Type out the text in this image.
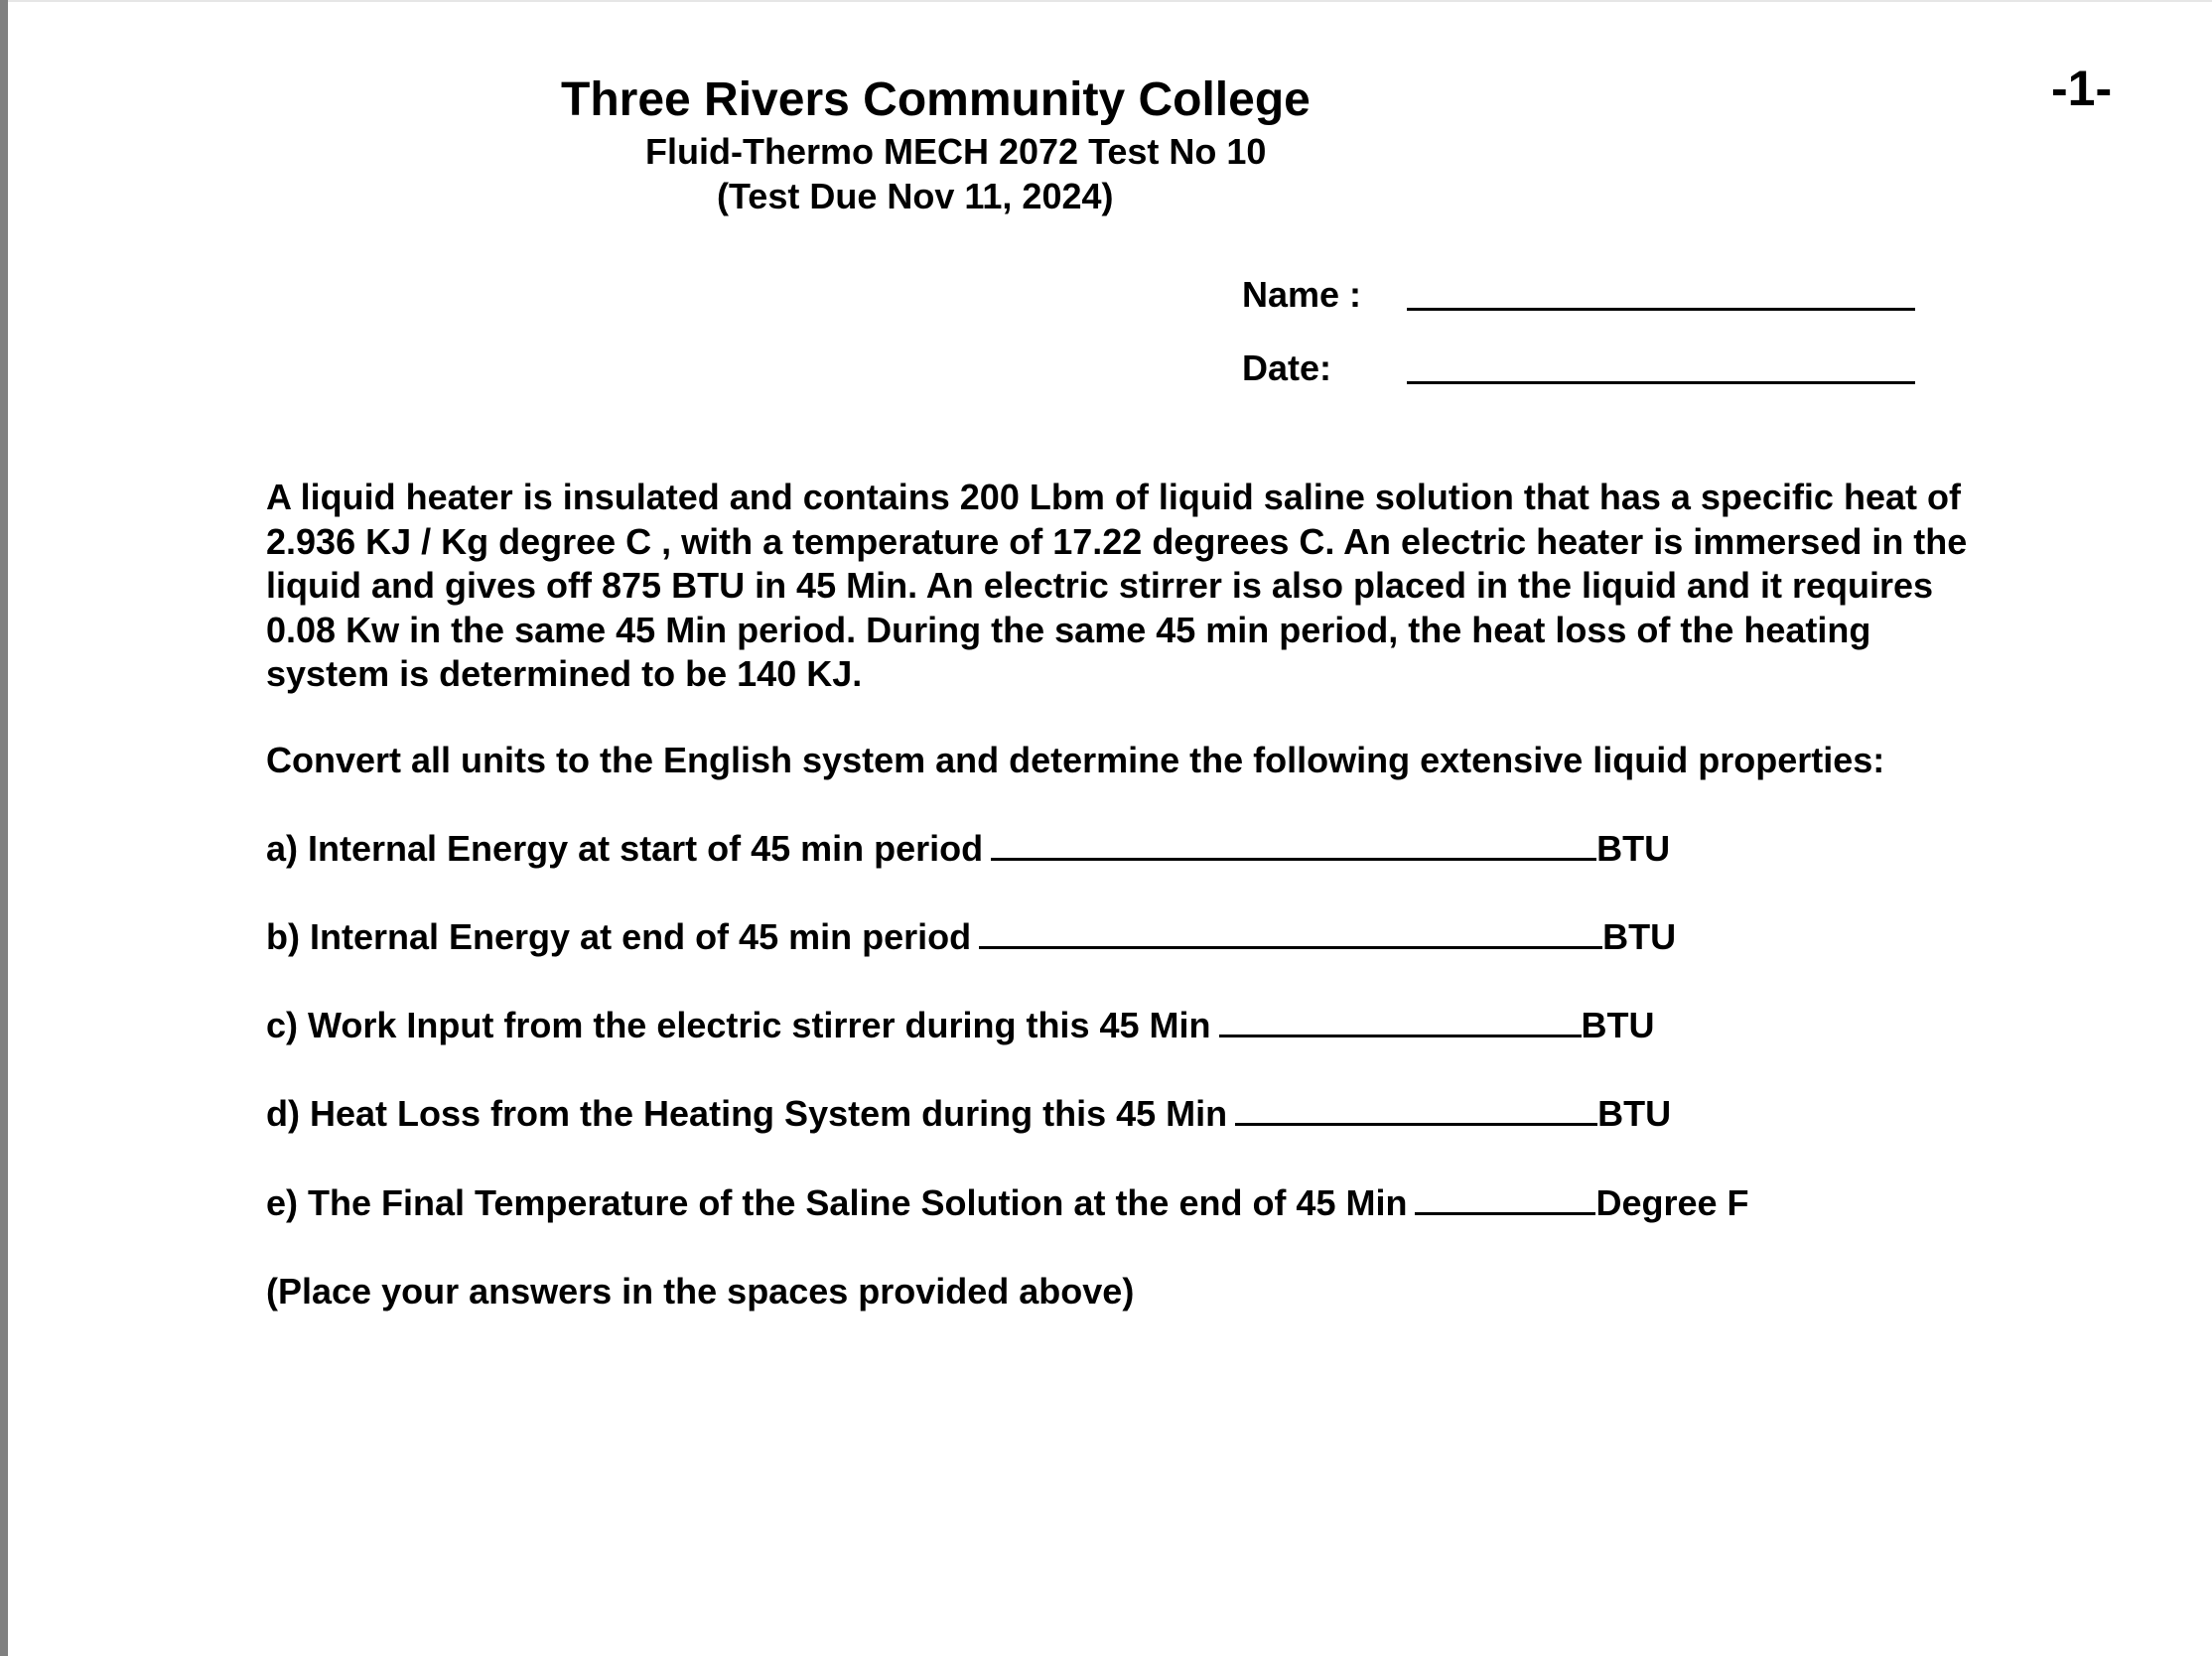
Three Rivers Community College
Fluid-Thermo MECH 2072 Test No 10
(Test Due Nov 11, 2024)
-1-
Name :
Date:
A liquid heater is insulated and contains 200 Lbm of liquid saline solution that has a specific heat of
2.936 KJ / Kg degree C , with a temperature of 17.22 degrees C. An electric heater is immersed in the
liquid and gives off 875 BTU in 45 Min. An electric stirrer is also placed in the liquid and it requires
0.08 Kw in the same 45 Min period. During the same 45 min period, the heat loss of the heating
system is determined to be 140 KJ.
Convert all units to the English system and determine the following extensive liquid properties:
a) Internal Energy at start of 45 min period	BTU
b) Internal Energy at end of 45 min period	BTU
c) Work Input from the electric stirrer during this 45 Min	BTU
d) Heat Loss from the Heating System during this 45 Min	BTU
e) The Final Temperature of the Saline Solution at the end of 45 Min	Degree F
(Place your answers in the spaces provided above)
